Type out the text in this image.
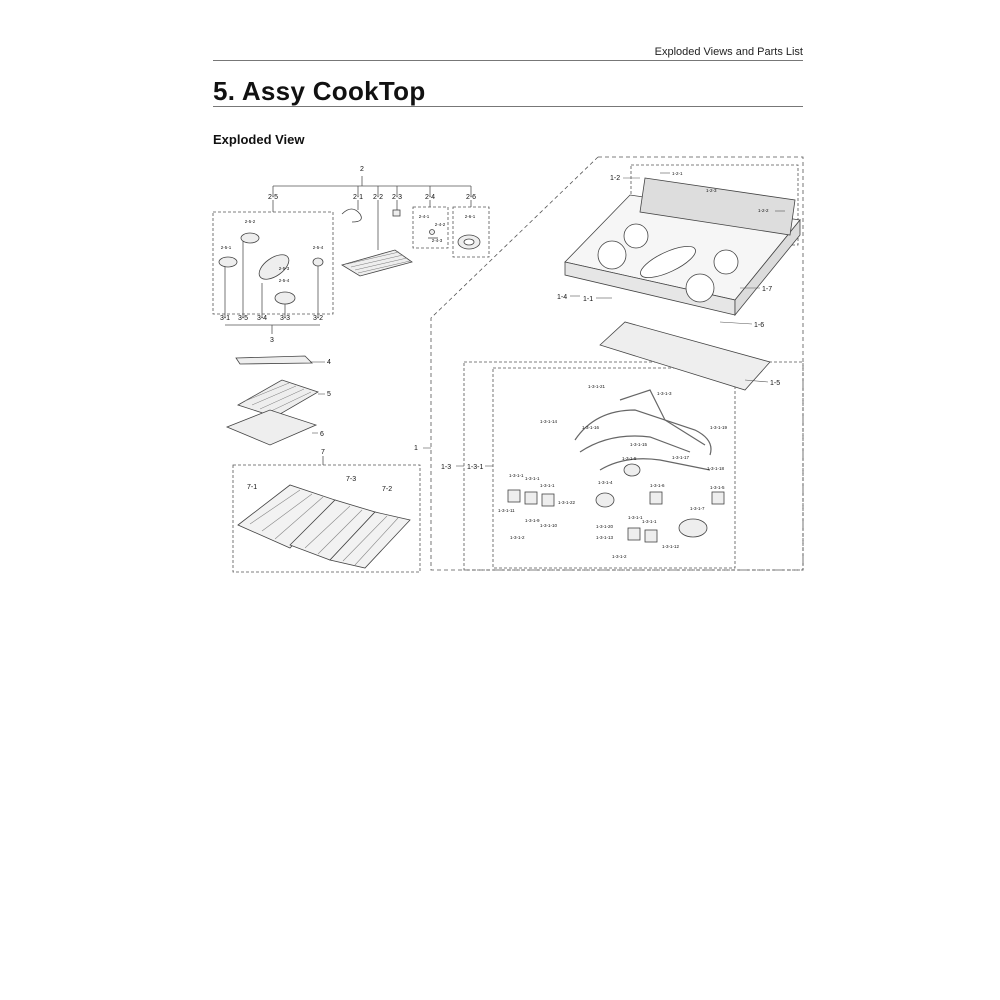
Exploded Views and Parts List
5. Assy CookTop
Exploded View
2
2-5	2-1 2-2 2-3	2-4	2-6
2-5-2
2-5-1	2-5-4
2-5-3
2-5-4
2-4-1
2-4-2
2-4-3
2-6-1
3-1 3-5 3-4 3-3	3-2
3
4
5
6
7
7-1
7-3
7-2
1
1-2
1-2-1
1-2-3
1-2-2
1-4 1-1
1-7
1-6
1-5
1-3 1-3-1
1-3-1-21
1-3-1-3
1-3-1-14
1-3-1-16	1-3-1-19
1-3-1-15
1-3-1-17
1-3-1-18
1-3-1-5
1-3-1-1
1-3-1-1
1-3-1-1
1-3-1-4
1-3-1-6	1-3-1-5
1-3-1-22
1-3-1-11
1-3-1-9
1-3-1-10
1-3-1-2
1-3-1-7
1-3-1-1
1-3-1-1
1-3-1-20
1-3-1-13
1-3-1-12
1-3-1-2
